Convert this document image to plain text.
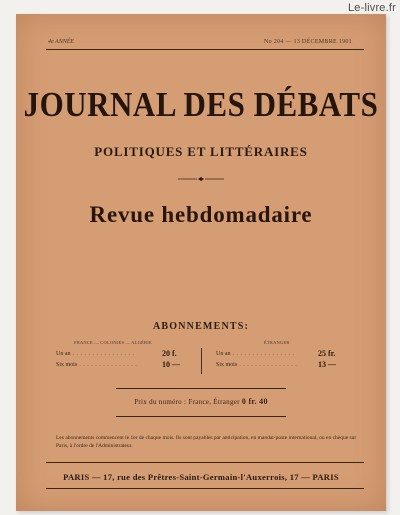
Le-livre.fr
4e ANNÉE	No 204 — 13 DÉCEMBRE 1901
JOURNAL DES DÉBATS
POLITIQUES ET LITTÉRAIRES
Revue hebdomadaire
ABONNEMENTS:
FRANCE — COLONIES — ALGÉRIE	ÉTRANGER
Un an . . . . . . . . . . . . . . . .	20 f.
Six mois . . . . . . . . . . . . . . .	10 —
Un an . . . . . . . . . . . . . . . .	25 fr.
Six mois . . . . . . . . . . . . . . .	13 —
Prix du numéro : France, Étranger 0 fr. 40
Les abonnements commencent le 1er de chaque mois. Ils sont payables par anticipation, en mandat-poste international, ou en chèque sur Paris, à l'ordre de l'Administrateur.
PARIS — 17, rue des Prêtres-Saint-Germain-l'Auxerrois, 17 — PARIS
